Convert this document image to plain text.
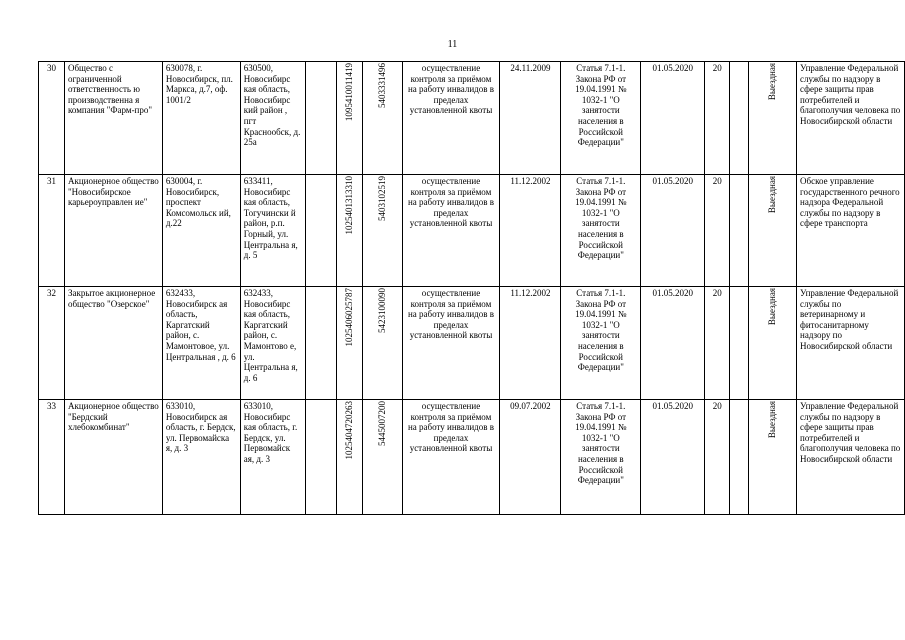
11
30	Общество с ограниченной ответственность ю производственна я компания "Фарм-про"	630078, г. Новосибирск, пл. Маркса, д.7, оф. 1001/2	630500, Новосибирс кая область, Новосибирс кий район , пгт Краснообск, д. 25а		1095410011419	5403331496	осуществление контроля за приёмом на работу инвалидов в пределах установленной квоты	24.11.2009	Статья 7.1-1. Закона РФ от 19.04.1991 № 1032-1 "О занятости населения в Российской Федерации"	01.05.2020	20		Выездная	Управление Федеральной службы по надзору в сфере защиты прав потребителей и благополучия человека по Новосибирской области
31	Акционерное общество "Новосибирское карьероуправлен ие"	630004, г. Новосибирск, проспект Комсомольск ий, д.22	633411, Новосибирс кая область, Тогучински й район, р.п. Горный, ул. Центральна я, д. 5		1025401313310	5403102519	осуществление контроля за приёмом на работу инвалидов в пределах установленной квоты	11.12.2002	Статья 7.1-1. Закона РФ от 19.04.1991 № 1032-1 "О занятости населения в Российской Федерации"	01.05.2020	20		Выездная	Обское управление государственного речного надзора Федеральной службы по надзору в сфере транспорта
32	Закрытое акционерное общество "Озерское"	632433, Новосибирск ая область, Каргатский район, с. Мамонтовое, ул. Центральная , д. 6	632433, Новосибирс кая область, Каргатский район, с. Мамонтово е, ул. Центральна я, д. 6		1025406025787	5423100090	осуществление контроля за приёмом на работу инвалидов в пределах установленной квоты	11.12.2002	Статья 7.1-1. Закона РФ от 19.04.1991 № 1032-1 "О занятости населения в Российской Федерации"	01.05.2020	20		Выездная	Управление Федеральной службы по ветеринарному и фитосанитарному надзору по Новосибирской области
33	Акционерное общество "Бердский хлебокомбинат"	633010, Новосибирск ая область, г. Бердск, ул. Первомайска я, д. 3	633010, Новосибирс кая область, г. Бердск, ул. Первомайск ая, д. 3		1025404720263	5445007200	осуществление контроля за приёмом на работу инвалидов в пределах установленной квоты	09.07.2002	Статья 7.1-1. Закона РФ от 19.04.1991 № 1032-1 "О занятости населения в Российской Федерации"	01.05.2020	20		Выездная	Управление Федеральной службы по надзору в сфере защиты прав потребителей и благополучия человека по Новосибирской области
